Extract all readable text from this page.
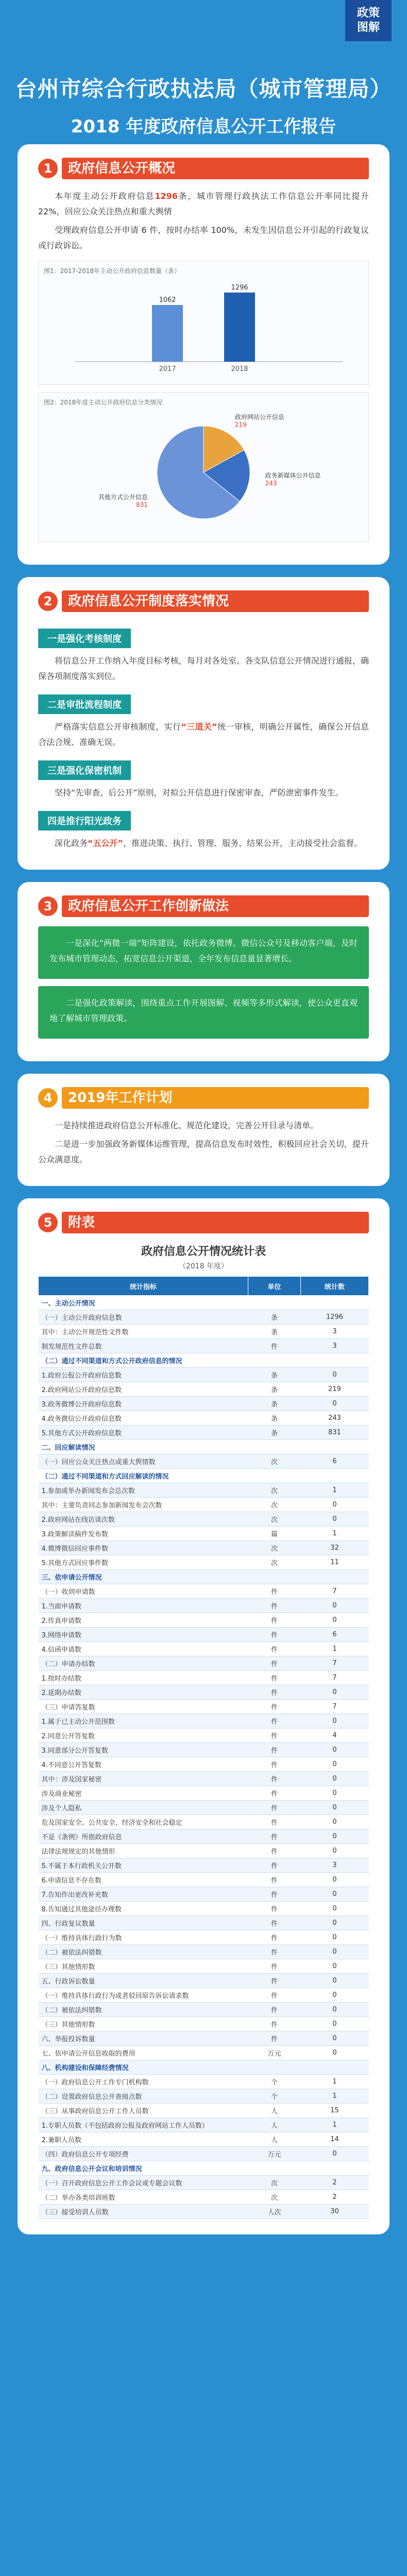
政策
图解
台州市综合行政执法局（城市管理局）
2018 年度政府信息公开工作报告
1	政府信息公开概况

本年度主动公开政府信息1296条，城市管理行政执法工作信息公开率同比提升 22%，回应公众关注热点和重大舆情

受理政府信息公开申请 6 件，按时办结率 100%，未发生因信息公开引起的行政复议或行政诉讼。

图1：2017-2018年主动公开政府信息数量（条）
1062
2017
1296
2018
图2：2018年度主动公开政府信息分类情况
政府网站公开信息
219
政务新媒体公开信息
243
其他方式公开信息
831
2	政府信息公开制度落实情况
一是强化考核制度

将信息公开工作纳入年度目标考核，每月对各处室、各支队信息公开情况进行通报，确保各项制度落实到位。

二是审批流程制度

严格落实信息公开审核制度，实行“三道关”统一审核，明确公开属性，确保公开信息合法合规、准确无误。

三是强化保密机制

坚持“先审查、后公开”原则，对拟公开信息进行保密审查，严防泄密事件发生。

四是推行阳光政务

深化政务“五公开”，推进决策、执行、管理、服务、结果公开，主动接受社会监督。

3	政府信息公开工作创新做法

一是深化“两微一端”矩阵建设，依托政务微博、微信公众号及移动客户端，及时发布城市管理动态，拓宽信息公开渠道，全年发布信息量显著增长。

二是强化政策解读，围绕重点工作开展图解、视频等多形式解读，使公众更直观地了解城市管理政策。

4	2019年工作计划

一是持续推进政府信息公开标准化、规范化建设，完善公开目录与清单。

二是进一步加强政务新媒体运维管理，提高信息发布时效性，积极回应社会关切，提升公众满意度。

5	附表
政府信息公开情况统计表
（2018 年度）
统计指标	单位	统计数
一、主动公开情况		
（一）主动公开政府信息数	条	1296
其中：主动公开规范性文件数	条	3
制发规范性文件总数	件	3
（二）通过不同渠道和方式公开政府信息的情况		
1.政府公报公开政府信息数	条	0
2.政府网站公开政府信息数	条	219
3.政务微博公开政府信息数	条	0
4.政务微信公开政府信息数	条	243
5.其他方式公开政府信息数	条	831
二、回应解读情况		
（一）回应公众关注热点或重大舆情数	次	6
（二）通过不同渠道和方式回应解读的情况		
1.参加或举办新闻发布会总次数	次	1
其中：主要负责同志参加新闻发布会次数	次	0
2.政府网站在线访谈次数	次	0
3.政策解读稿件发布数	篇	1
4.微博微信回应事件数	次	32
5.其他方式回应事件数	次	11
三、依申请公开情况		
（一）收到申请数	件	7
1.当面申请数	件	0
2.传真申请数	件	0
3.网络申请数	件	6
4.信函申请数	件	1
（二）申请办结数	件	7
1.按时办结数	件	7
2.延期办结数	件	0
（三）申请答复数	件	7
1.属于已主动公开范围数	件	0
2.同意公开答复数	件	4
3.同意部分公开答复数	件	0
4.不同意公开答复数	件	0
其中：涉及国家秘密	件	0
涉及商业秘密	件	0
涉及个人隐私	件	0
危及国家安全、公共安全、经济安全和社会稳定	件	0
不是《条例》所指政府信息	件	0
法律法规规定的其他情形	件	0
5.不属于本行政机关公开数	件	3
6.申请信息不存在数	件	0
7.告知作出更改补充数	件	0
8.告知通过其他途径办理数	件	0
四、行政复议数量	件	0
（一）维持具体行政行为数	件	0
（二）被依法纠错数	件	0
（三）其他情形数	件	0
五、行政诉讼数量	件	0
（一）维持具体行政行为或者驳回原告诉讼请求数	件	0
（二）被依法纠错数	件	0
（三）其他情形数	件	0
六、举报投诉数量	件	0
七、依申请公开信息收取的费用	万元	0
八、机构建设和保障经费情况		
（一）政府信息公开工作专门机构数	个	1
（二）设置政府信息公开查阅点数	个	1
（三）从事政府信息公开工作人员数	人	15
1.专职人员数（不包括政府公报及政府网站工作人员数）	人	1
2.兼职人员数	人	14
（四）政府信息公开专项经费	万元	0
九、政府信息公开会议和培训情况		
（一）召开政府信息公开工作会议或专题会议数	次	2
（二）举办各类培训班数	次	2
（三）接受培训人员数	人次	30
